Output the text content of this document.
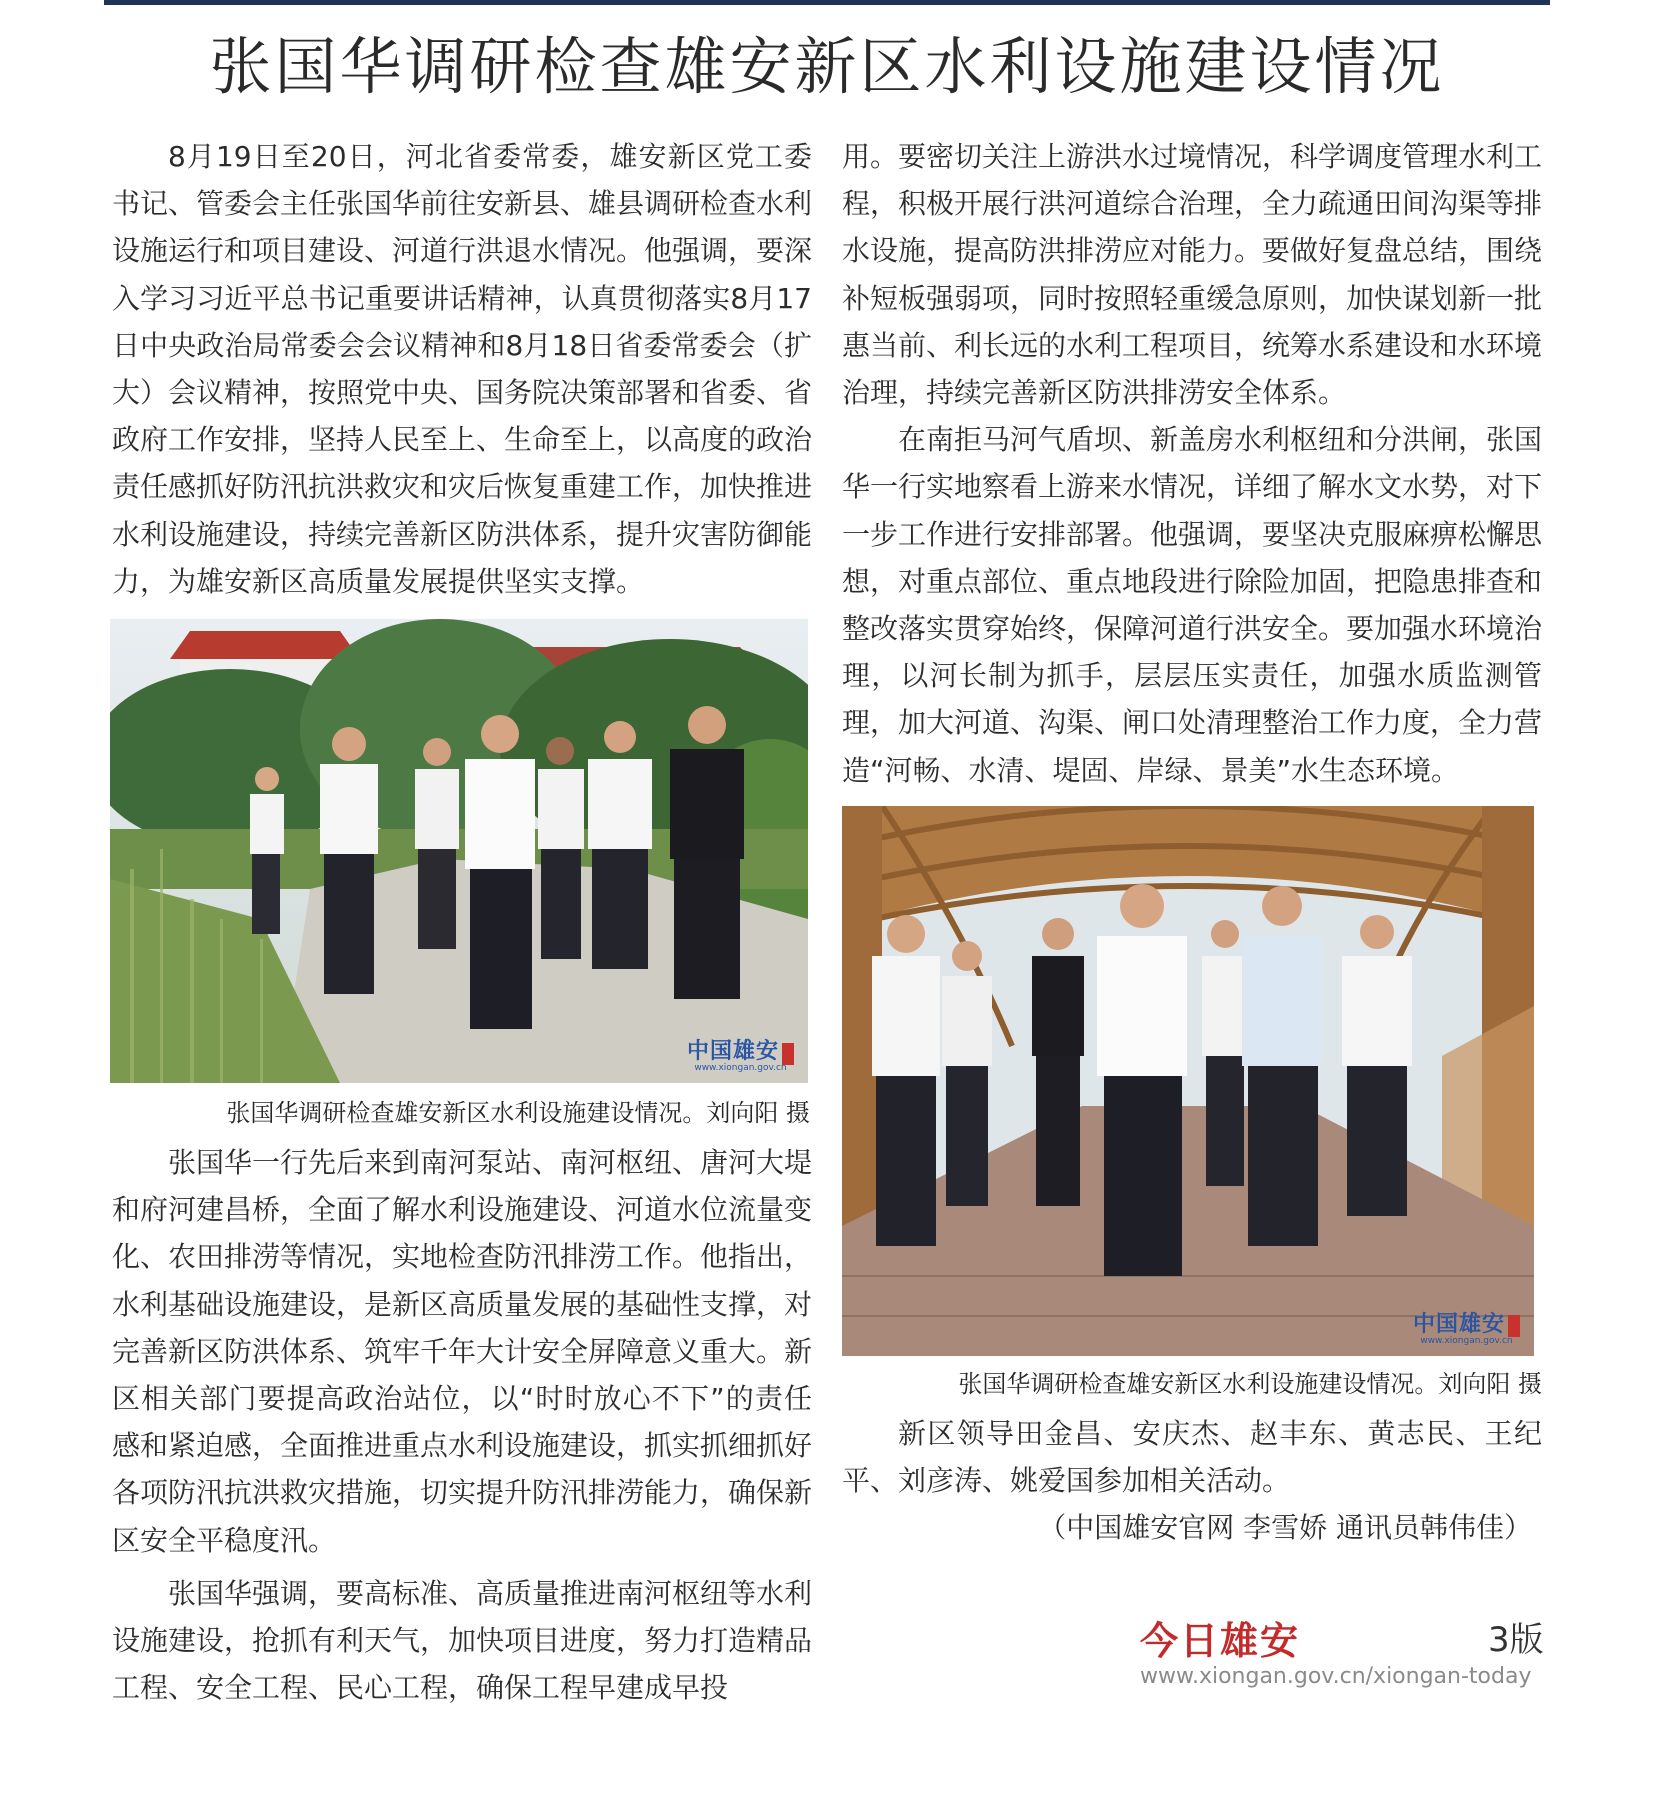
张国华调研检查雄安新区水利设施建设情况

8月19日至20日，河北省委常委，雄安新区党工委书记、管委会主任张国华前往安新县、雄县调研检查水利设施运行和项目建设、河道行洪退水情况。他强调，要深入学习习近平总书记重要讲话精神，认真贯彻落实8月17日中央政治局常委会会议精神和8月18日省委常委会（扩大）会议精神，按照党中央、国务院决策部署和省委、省政府工作安排，坚持人民至上、生命至上，以高度的政治责任感抓好防汛抗洪救灾和灾后恢复重建工作，加快推进水利设施建设，持续完善新区防洪体系，提升灾害防御能力，为雄安新区高质量发展提供坚实支撑。

中国雄安
www.xiongan.gov.cn
张国华调研检查雄安新区水利设施建设情况。刘向阳 摄

张国华一行先后来到南河泵站、南河枢纽、唐河大堤和府河建昌桥，全面了解水利设施建设、河道水位流量变化、农田排涝等情况，实地检查防汛排涝工作。他指出，水利基础设施建设，是新区高质量发展的基础性支撑，对完善新区防洪体系、筑牢千年大计安全屏障意义重大。新区相关部门要提高政治站位，以“时时放心不下”的责任感和紧迫感，全面推进重点水利设施建设，抓实抓细抓好各项防汛抗洪救灾措施，切实提升防汛排涝能力，确保新区安全平稳度汛。

张国华强调，要高标准、高质量推进南河枢纽等水利设施建设，抢抓有利天气，加快项目进度，努力打造精品工程、安全工程、民心工程，确保工程早建成早投

用。要密切关注上游洪水过境情况，科学调度管理水利工程，积极开展行洪河道综合治理，全力疏通田间沟渠等排水设施，提高防洪排涝应对能力。要做好复盘总结，围绕补短板强弱项，同时按照轻重缓急原则，加快谋划新一批惠当前、利长远的水利工程项目，统筹水系建设和水环境治理，持续完善新区防洪排涝安全体系。

在南拒马河气盾坝、新盖房水利枢纽和分洪闸，张国华一行实地察看上游来水情况，详细了解水文水势，对下一步工作进行安排部署。他强调，要坚决克服麻痹松懈思想，对重点部位、重点地段进行除险加固，把隐患排查和整改落实贯穿始终，保障河道行洪安全。要加强水环境治理，以河长制为抓手，层层压实责任，加强水质监测管理，加大河道、沟渠、闸口处清理整治工作力度，全力营造“河畅、水清、堤固、岸绿、景美”水生态环境。

中国雄安
www.xiongan.gov.cn
张国华调研检查雄安新区水利设施建设情况。刘向阳 摄

新区领导田金昌、安庆杰、赵丰东、黄志民、王纪平、刘彦涛、姚爱国参加相关活动。

（中国雄安官网 李雪娇 通讯员韩伟佳）

今日雄安	3版
www.xiongan.gov.cn/xiongan-today
